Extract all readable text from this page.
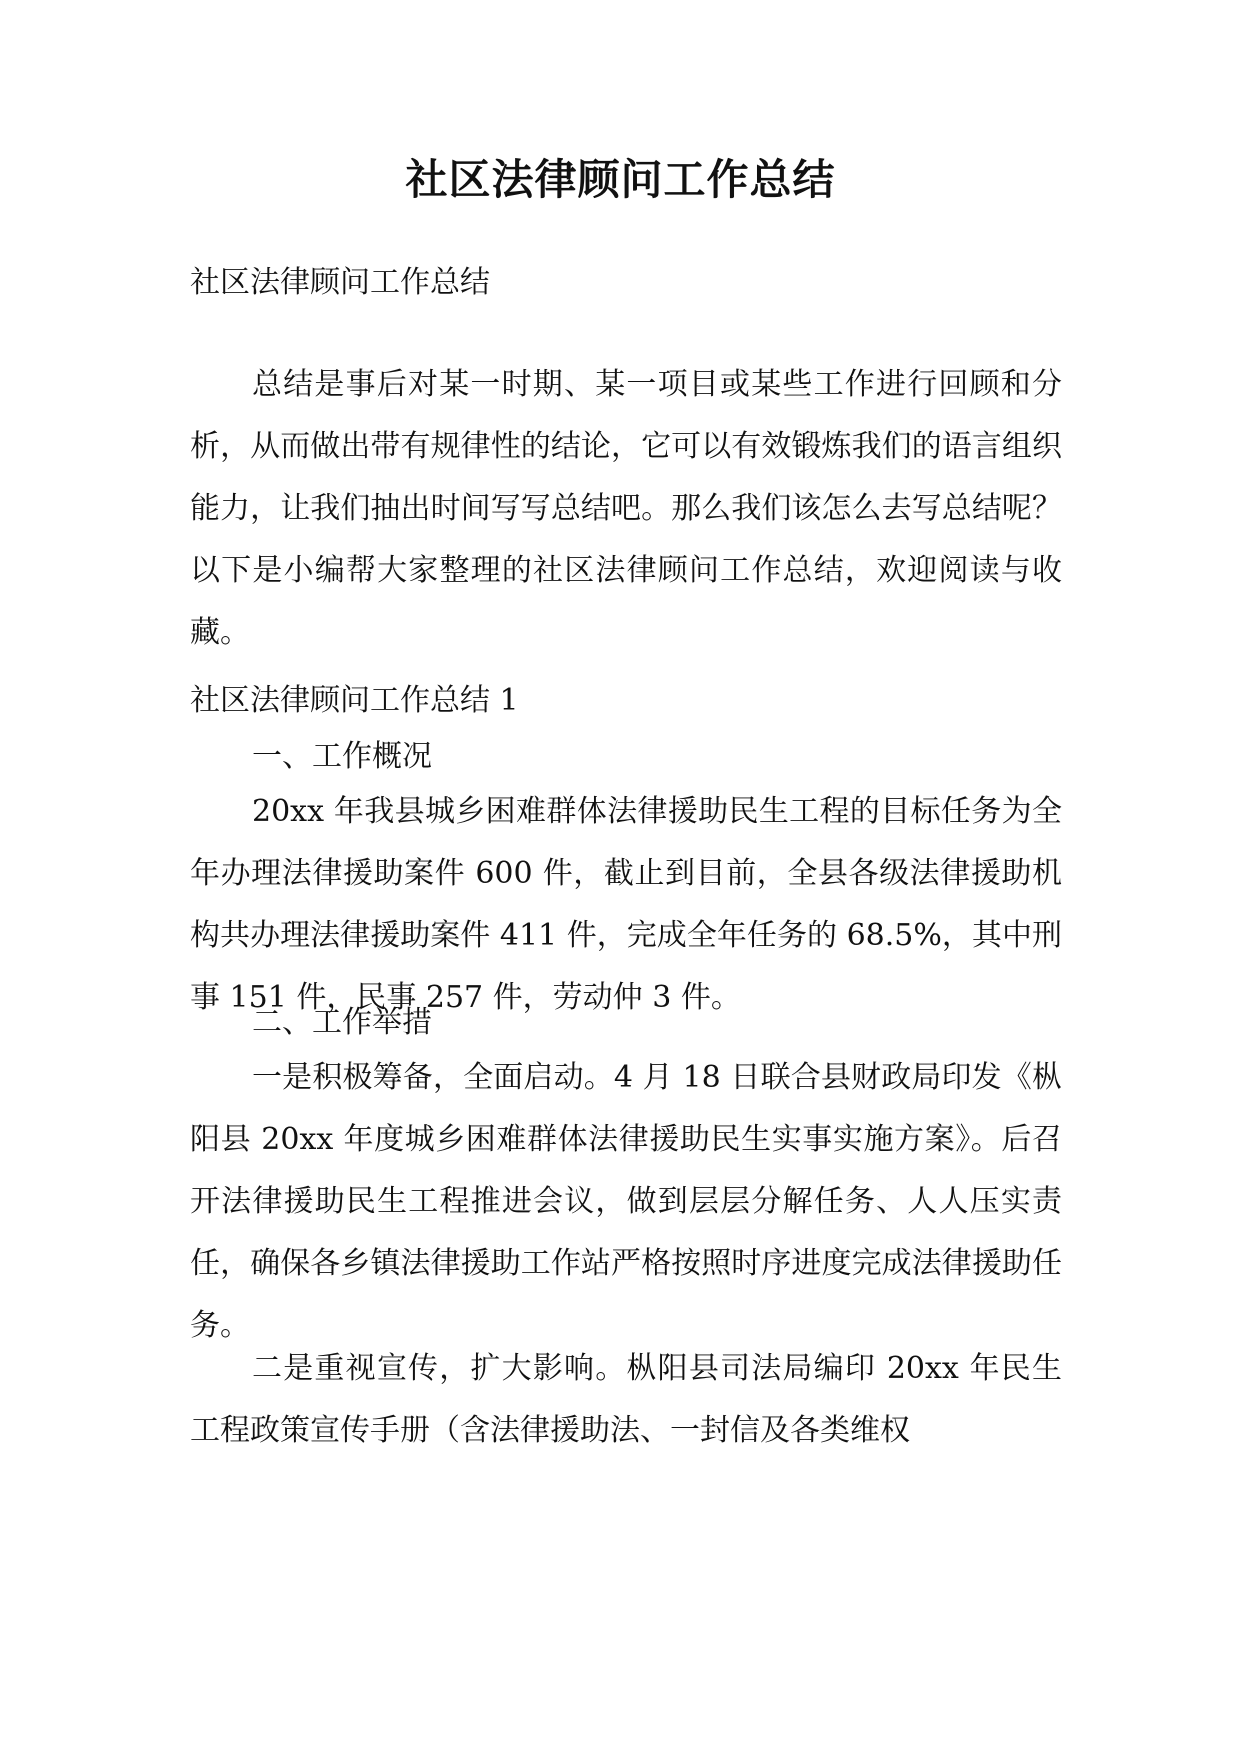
社区法律顾问工作总结

社区法律顾问工作总结

总结是事后对某一时期、某一项目或某些工作进行回顾和分析，从而做出带有规律性的结论，它可以有效锻炼我们的语言组织能力，让我们抽出时间写写总结吧。那么我们该怎么去写总结呢？以下是小编帮大家整理的社区法律顾问工作总结，欢迎阅读与收藏。

社区法律顾问工作总结 1

一、工作概况

20xx 年我县城乡困难群体法律援助民生工程的目标任务为全年办理法律援助案件 600 件，截止到目前，全县各级法律援助机构共办理法律援助案件 411 件，完成全年任务的 68.5%，其中刑事 151 件，民事 257 件，劳动仲 3 件。

二、工作举措

一是积极筹备，全面启动。4 月 18 日联合县财政局印发《枞阳县 20xx 年度城乡困难群体法律援助民生实事实施方案》。后召开法律援助民生工程推进会议，做到层层分解任务、人人压实责任，确保各乡镇法律援助工作站严格按照时序进度完成法律援助任务。

二是重视宣传，扩大影响。枞阳县司法局编印 20xx 年民生工程政策宣传手册（含法律援助法、一封信及各类维权
